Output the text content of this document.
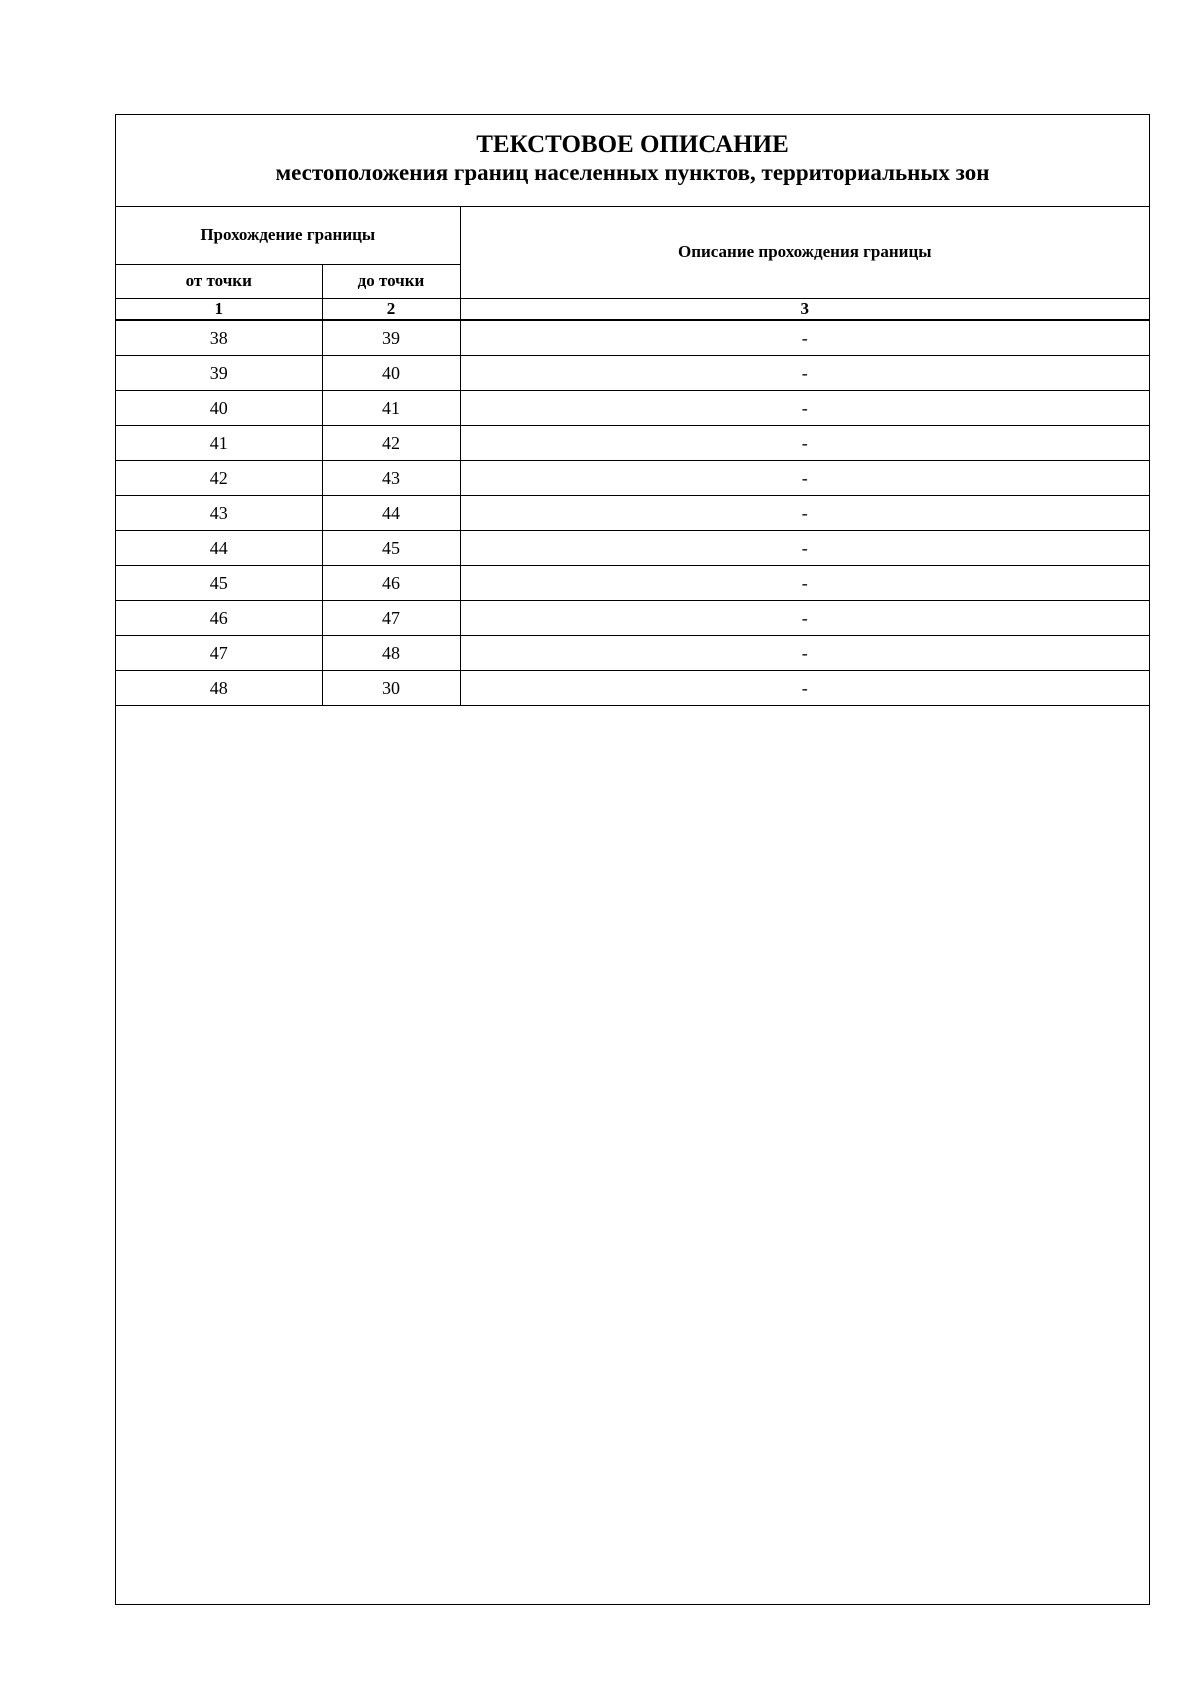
ТЕКСТОВОЕ ОПИСАНИЕ
местоположения границ населенных пунктов, территориальных зон
Прохождение границы		Описание прохождения границы
от точки	до точки	
1	2	3
38	39	-
39	40	-
40	41	-
41	42	-
42	43	-
43	44	-
44	45	-
45	46	-
46	47	-
47	48	-
48	30	-
